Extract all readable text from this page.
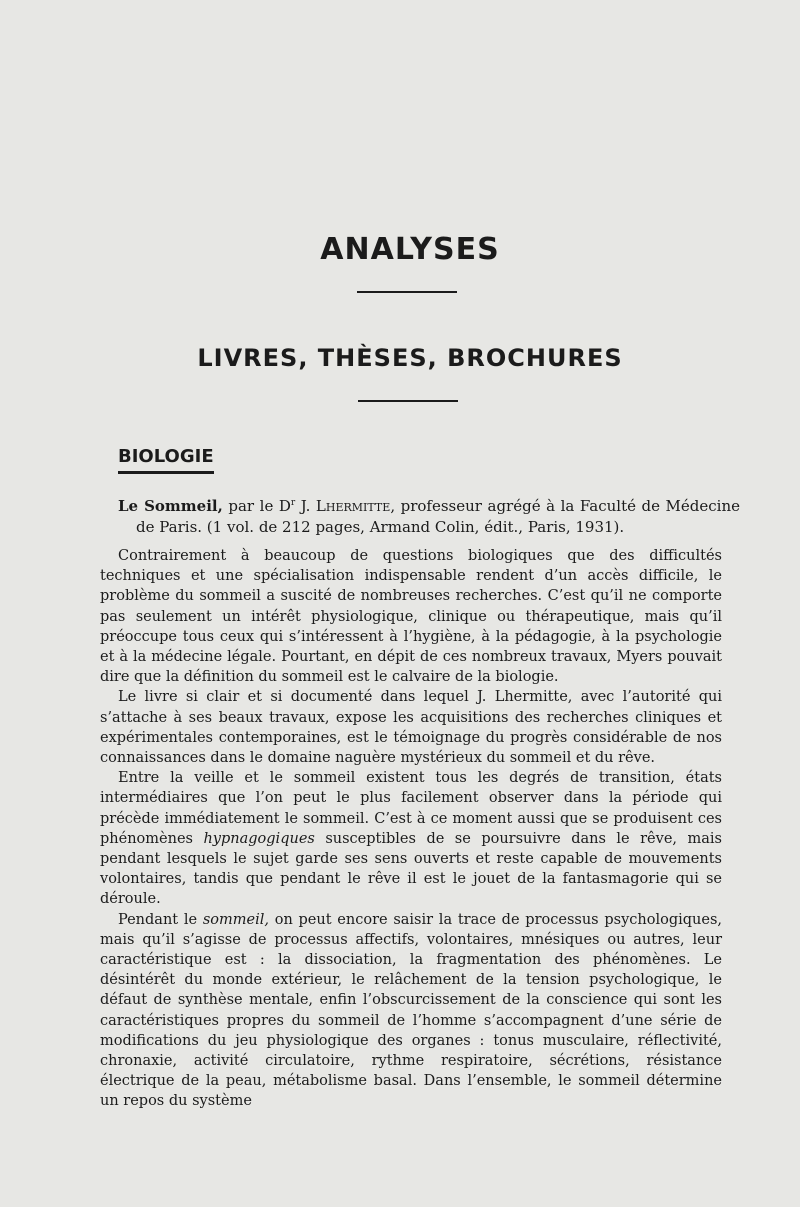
ANALYSES
LIVRES, THÈSES, BROCHURES
BIOLOGIE
Le Sommeil, par le $D^r$ J. Lhermitte, professeur agrégé à la Faculté de Médecine de Paris. (1 vol. de 212 pages, Armand Colin, édit., Paris, 1931).

Contrairement à beaucoup de questions biologiques que des difficultés techniques et une spécialisation indispensable rendent d’un accès difficile, le problème du sommeil a suscité de nombreuses recherches. C’est qu’il ne comporte pas seulement un intérêt physiologique, clinique ou thérapeutique, mais qu’il préoccupe tous ceux qui s’intéressent à l’hygiène, à la pédagogie, à la psychologie et à la médecine légale. Pourtant, en dépit de ces nombreux travaux, Myers pouvait dire que la définition du sommeil est le calvaire de la biologie.

Le livre si clair et si documenté dans lequel J. Lhermitte, avec l’autorité qui s’attache à ses beaux travaux, expose les acquisitions des recherches cliniques et expérimentales contemporaines, est le témoignage du progrès considérable de nos connaissances dans le domaine naguère mystérieux du sommeil et du rêve.

Entre la veille et le sommeil existent tous les degrés de transition, états intermédiaires que l’on peut le plus facilement observer dans la période qui précède immédiatement le sommeil. C’est à ce moment aussi que se produisent ces phénomènes hypnagogiques susceptibles de se poursuivre dans le rêve, mais pendant lesquels le sujet garde ses sens ouverts et reste capable de mouvements volontaires, tandis que pendant le rêve il est le jouet de la fantasmagorie qui se déroule.

Pendant le sommeil, on peut encore saisir la trace de processus psychologiques, mais qu’il s’agisse de processus affectifs, volontaires, mnésiques ou autres, leur caractéristique est : la dissociation, la fragmentation des phénomènes. Le désintérêt du monde extérieur, le relâchement de la tension psychologique, le défaut de synthèse mentale, enfin l’obscurcissement de la conscience qui sont les caractéristiques propres du sommeil de l’homme s’accompagnent d’une série de modifications du jeu physiologique des organes : tonus musculaire, réflectivité, chronaxie, activité circulatoire, rythme respiratoire, sécrétions, résistance électrique de la peau, métabolisme basal. Dans l’ensemble, le sommeil détermine un repos du système
